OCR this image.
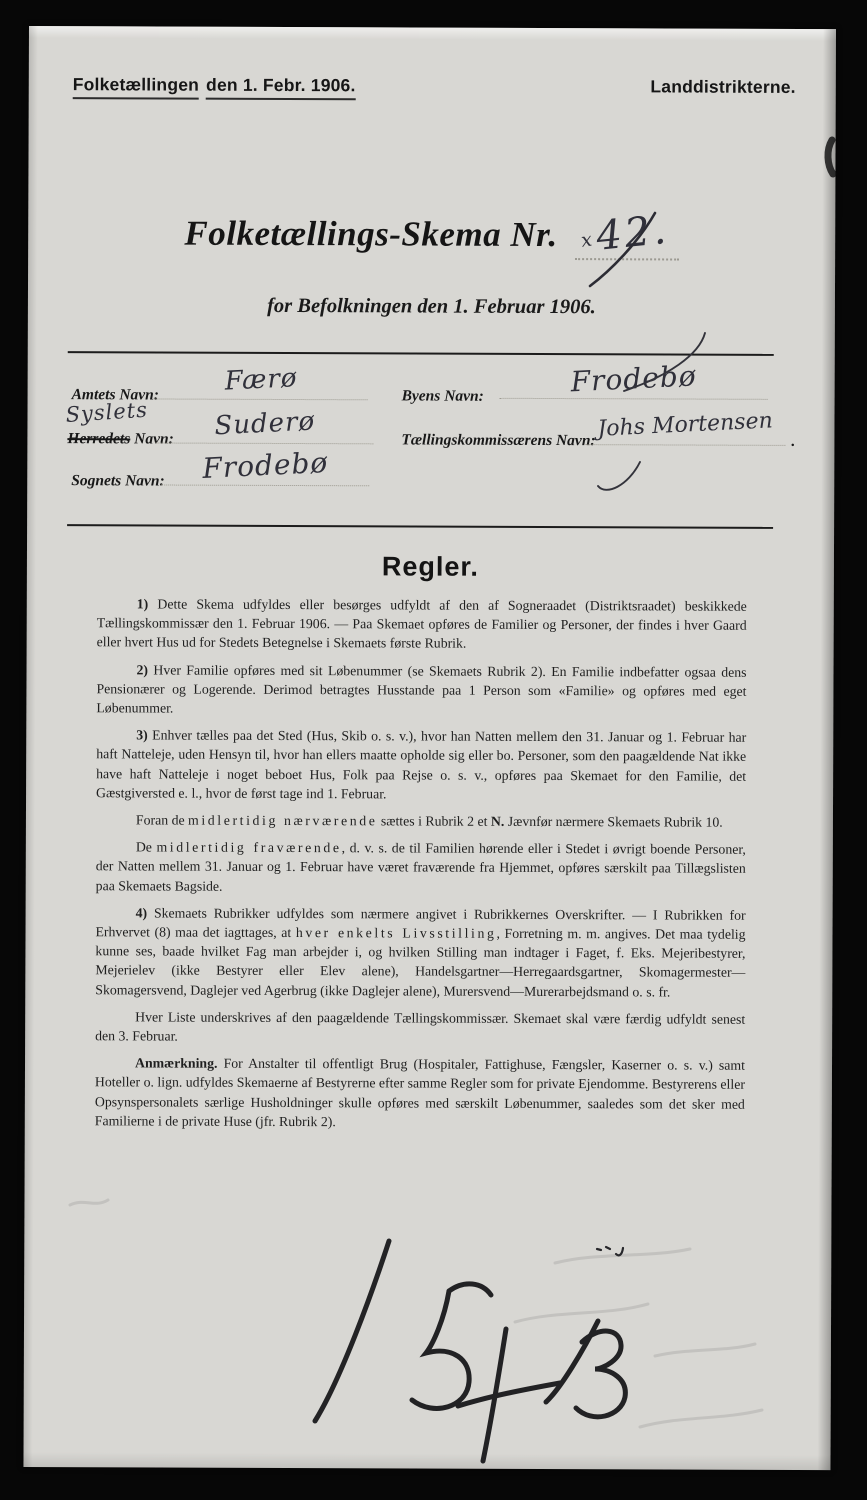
Folketællingen den 1. Febr. 1906.	Landdistrikterne.
Folketællings-Skema Nr. x 42.
for Befolkningen den 1. Februar 1906.
Amtets Navn:	Færø	Byens Navn:	Frodebø
Syslets
Herredets Navn:	Suderø	Tællingskommissærens Navn: Johs Mortensen	.
Sognets Navn:	Frodebø
Regler.

1) Dette Skema udfyldes eller besørges udfyldt af den af Sogneraadet (Distriktsraadet) beskikkede Tællingskommissær den 1. Februar 1906. — Paa Skemaet opføres de Familier og Personer, der findes i hver Gaard eller hvert Hus ud for Stedets Betegnelse i Skemaets første Rubrik.

2) Hver Familie opføres med sit Løbenummer (se Skemaets Rubrik 2). En Familie indbefatter ogsaa dens Pensionærer og Logerende. Derimod betragtes Husstande paa 1 Person som «Familie» og opføres med eget Løbenummer.

3) Enhver tælles paa det Sted (Hus, Skib o. s. v.), hvor han Natten mellem den 31. Januar og 1. Februar har haft Natteleje, uden Hensyn til, hvor han ellers maatte opholde sig eller bo. Personer, som den paagældende Nat ikke have haft Natteleje i noget beboet Hus, Folk paa Rejse o. s. v., opføres paa Skemaet for den Familie, det Gæstgiversted e. l., hvor de først tage ind 1. Februar.

Foran de midlertidig nærværende sættes i Rubrik 2 et N. Jævnfør nærmere Skemaets Rubrik 10.

De midlertidig fraværende, d. v. s. de til Familien hørende eller i Stedet i øvrigt boende Personer, der Natten mellem 31. Januar og 1. Februar have været fraværende fra Hjemmet, opføres særskilt paa Tillægslisten paa Skemaets Bagside.

4) Skemaets Rubrikker udfyldes som nærmere angivet i Rubrikkernes Overskrifter. — I Rubrikken for Erhvervet (8) maa det iagttages, at hver enkelts Livsstilling, Forretning m. m. angives. Det maa tydelig kunne ses, baade hvilket Fag man arbejder i, og hvilken Stilling man indtager i Faget, f. Eks. Mejeribestyrer, Mejerielev (ikke Bestyrer eller Elev alene), Handelsgartner—Herregaardsgartner, Skomagermester—Skomagersvend, Daglejer ved Agerbrug (ikke Daglejer alene), Murersvend—Murerarbejdsmand o. s. fr.

Hver Liste underskrives af den paagældende Tællingskommissær. Skemaet skal være færdig udfyldt senest den 3. Februar.

Anmærkning. For Anstalter til offentligt Brug (Hospitaler, Fattighuse, Fængsler, Kaserner o. s. v.) samt Hoteller o. lign. udfyldes Skemaerne af Bestyrerne efter samme Regler som for private Ejendomme. Bestyrerens eller Opsynspersonalets særlige Husholdninger skulle opføres med særskilt Løbenummer, saaledes som det sker med Familierne i de private Huse (jfr. Rubrik 2).
